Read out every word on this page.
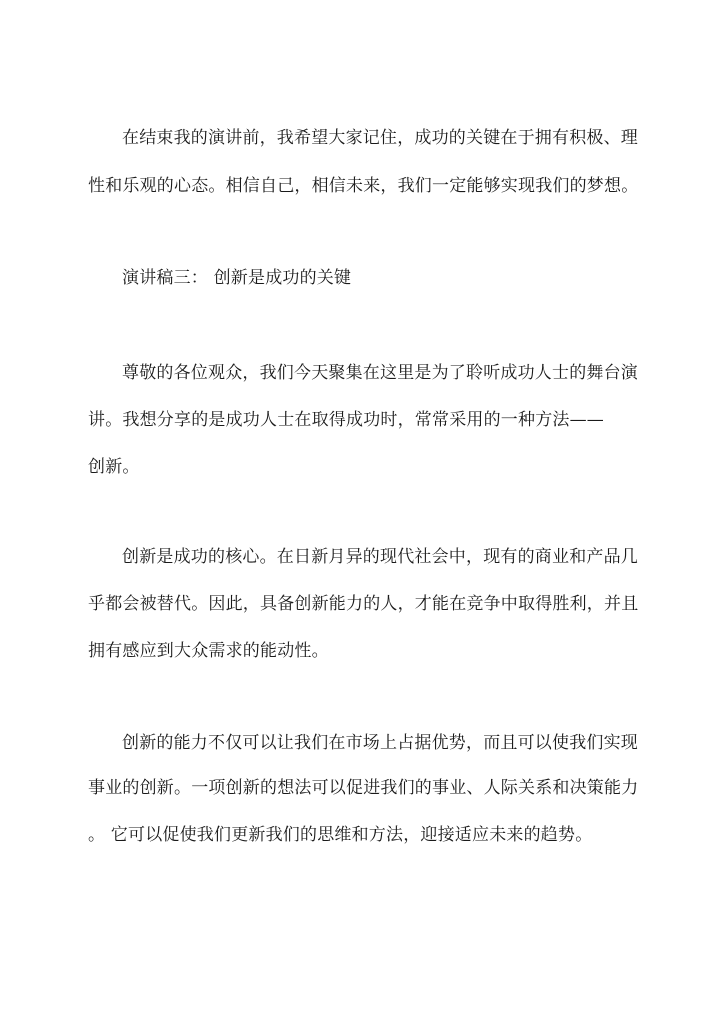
在结束我的演讲前，我希望大家记住，成功的关键在于拥有积极、理
性和乐观的心态。相信自己，相信未来，我们一定能够实现我们的梦想。
演讲稿三： 创新是成功的关键
尊敬的各位观众，我们今天聚集在这里是为了聆听成功人士的舞台演
讲。我想分享的是成功人士在取得成功时，常常采用的一种方法——
创新。
创新是成功的核心。在日新月异的现代社会中，现有的商业和产品几
乎都会被替代。因此，具备创新能力的人，才能在竞争中取得胜利，并且
拥有感应到大众需求的能动性。
创新的能力不仅可以让我们在市场上占据优势，而且可以使我们实现
事业的创新。一项创新的想法可以促进我们的事业、人际关系和决策能力
。 它可以促使我们更新我们的思维和方法，迎接适应未来的趋势。
